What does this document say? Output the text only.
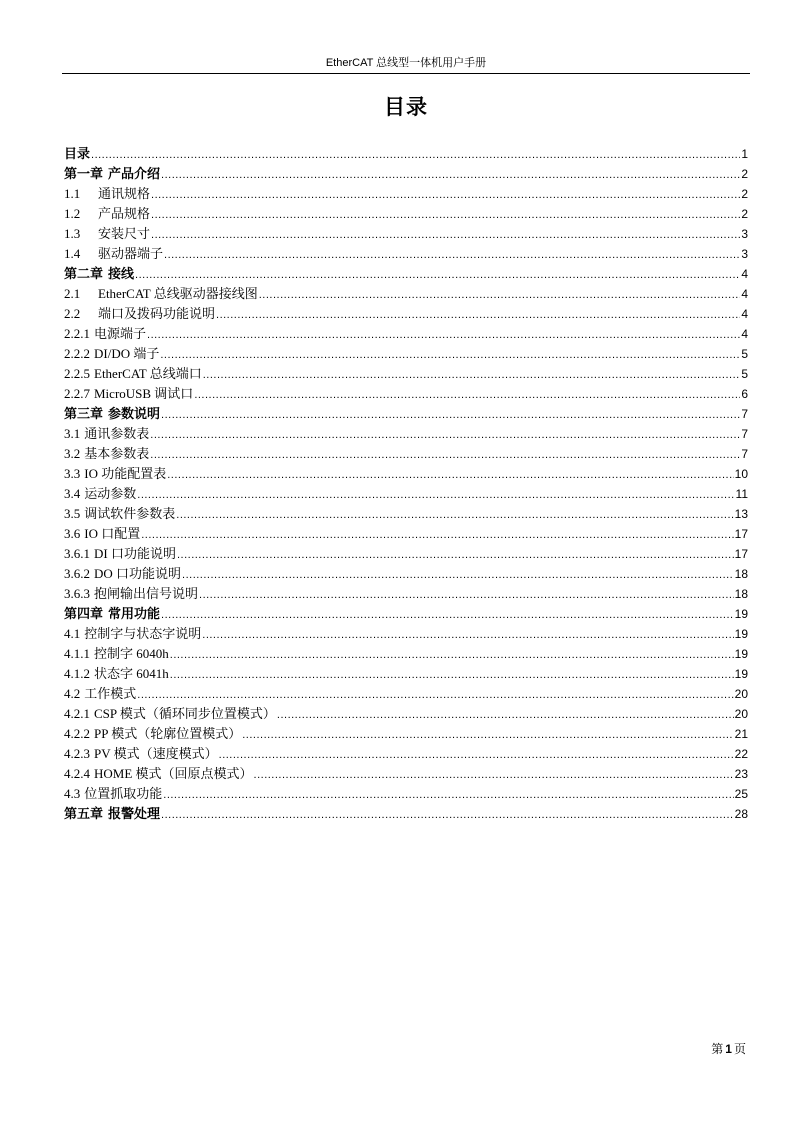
EtherCAT 总线型一体机用户手册
目录
目录 .....	1
第一章 产品介绍 .....	2
1.1	通讯规格 .....	2
1.2	产品规格 .....	2
1.3	安装尺寸 .....	3
1.4	驱动器端子 .....	3
第二章 接线 .....	4
2.1	EtherCAT 总线驱动器接线图 .....	4
2.2	端口及拨码功能说明 .....	4
2.2.1 电源端子 .....	4
2.2.2 DI/DO 端子 .....	5
2.2.5 EtherCAT 总线端口 .....	5
2.2.7 MicroUSB 调试口 .....	6
第三章 参数说明 .....	7
3.1 通讯参数表 .....	7
3.2 基本参数表 .....	7
3.3 IO 功能配置表 .....	10
3.4 运动参数 .....	11
3.5 调试软件参数表 .....	13
3.6 IO 口配置 .....	17
3.6.1 DI 口功能说明 .....	17
3.6.2 DO 口功能说明 .....	18
3.6.3 抱闸输出信号说明 .....	18
第四章 常用功能 .....	19
4.1 控制字与状态字说明 .....	19
4.1.1 控制字 6040h .....	19
4.1.2 状态字 6041h .....	19
4.2 工作模式 .....	20
4.2.1 CSP 模式（循环同步位置模式） .....	20
4.2.2 PP 模式（轮廓位置模式） .....	21
4.2.3 PV 模式（速度模式） .....	22
4.2.4 HOME 模式（回原点模式） .....	23
4.3 位置抓取功能 .....	25
第五章 报警处理 .....	28
第 1 页
